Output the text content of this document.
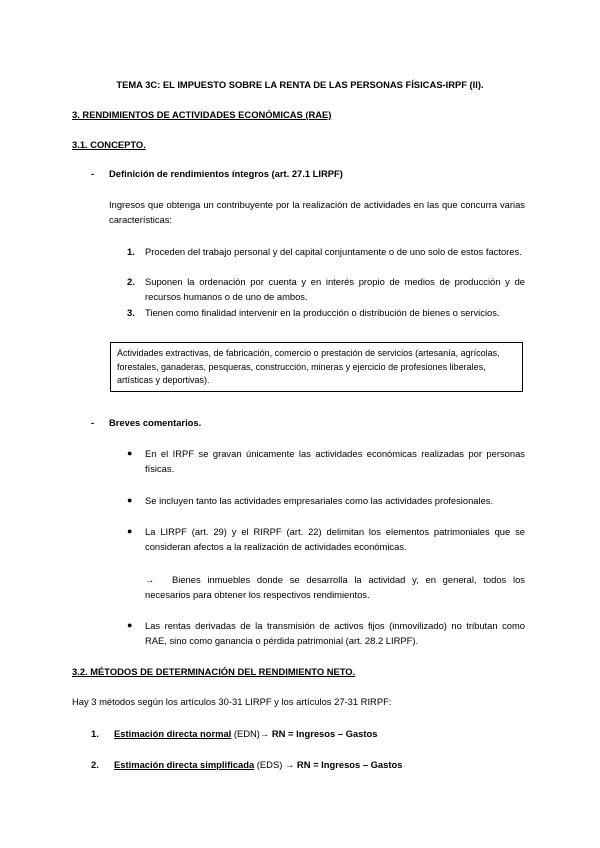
TEMA 3C: EL IMPUESTO SOBRE LA RENTA DE LAS PERSONAS FÍSICAS-IRPF (II).
3. RENDIMIENTOS DE ACTIVIDADES ECONÓMICAS (RAE)
3.1. CONCEPTO.
- Definición de rendimientos íntegros (art. 27.1 LIRPF)
Ingresos que obtenga un contribuyente por la realización de actividades en las que concurra varias características:
1. Proceden del trabajo personal y del capital conjuntamente o de uno solo de estos factores.
2. Suponen la ordenación por cuenta y en interés propio de medios de producción y de recursos humanos o de uno de ambos.
3. Tienen como finalidad intervenir en la producción o distribución de bienes o servicios.
Actividades extractivas, de fabricación, comercio o prestación de servicios (artesanía, agrícolas, forestales, ganaderas, pesqueras, construcción, mineras y ejercicio de profesiones liberales, artísticas y deportivas).
- Breves comentarios.
● En el IRPF se gravan únicamente las actividades económicas realizadas por personas físicas.
● Se incluyen tanto las actividades empresariales como las actividades profesionales.
● La LIRPF (art. 29) y el RIRPF (art. 22) delimitan los elementos patrimoniales que se consideran afectos a la realización de actividades económicas.
→	Bienes inmuebles donde se desarrolla la actividad y, en general, todos los necesarios para obtener los respectivos rendimientos.
● Las rentas derivadas de la transmisión de activos fijos (inmovilizado) no tributan como RAE, sino como ganancia o pérdida patrimonial (art. 28.2 LIRPF).
3.2. MÉTODOS DE DETERMINACIÓN DEL RENDIMIENTO NETO.
Hay 3 métodos según los artículos 30-31 LIRPF y los artículos 27-31 RIRPF:
1. Estimación directa normal (EDN)→ RN = Ingresos – Gastos
2. Estimación directa simplificada (EDS) → RN = Ingresos – Gastos
